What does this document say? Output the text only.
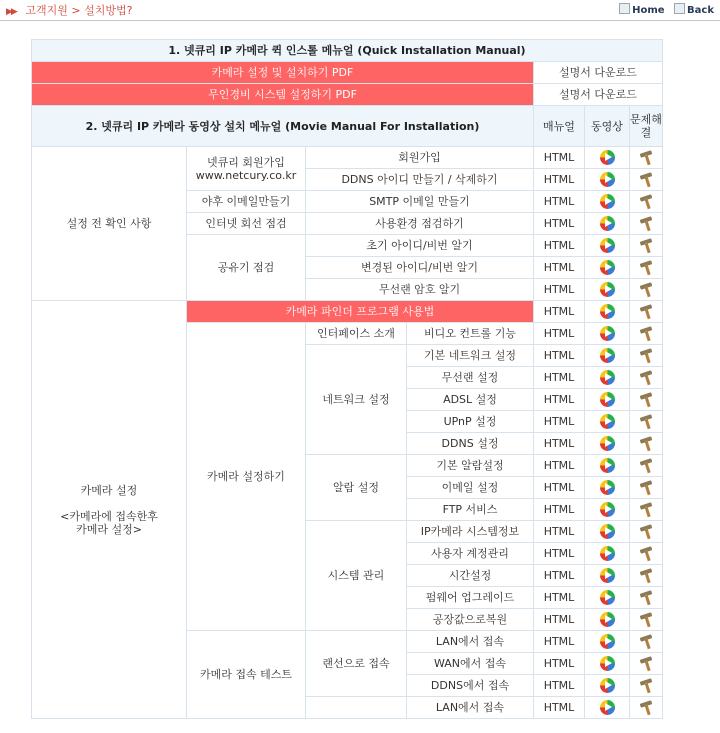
▶▶ 고객지원 > 설치방법?	Home Back
1. 넷큐리 IP 카메라 퀵 인스톨 메뉴얼 (Quick Installation Manual)						
카메라 설정 및 설치하기 PDF				설명서 다운로드		
무인경비 시스템 설정하기 PDF				설명서 다운로드		
2. 넷큐리 IP 카메라 동영상 설치 메뉴얼 (Movie Manual For Installation)				매뉴얼	동영상	문제해결
설정 전 확인 사항	넷큐리 회원가입
www.netcury.co.kr	회원가입		HTML		
		DDNS 아이디 만들기 / 삭제하기		HTML		
	야후 이메일만들기	SMTP 이메일 만들기		HTML		
	인터넷 회선 점검	사용환경 점검하기		HTML		
	공유기 점검	초기 아이디/비번 알기		HTML		
		변경된 아이디/비번 알기		HTML		
		무선랜 암호 알기		HTML		
카메라 설정

<카메라에 접속한후
카메라 설정>	카메라 파인더 프로그램 사용법			HTML		
	카메라 설정하기	인터페이스 소개	비디오 컨트롤 기능	HTML		
		네트워크 설정	기본 네트워크 설정	HTML		
			무선랜 설정	HTML		
			ADSL 설정	HTML		
			UPnP 설정	HTML		
			DDNS 설정	HTML		
		알람 설정	기본 알람설정	HTML		
			이메일 설정	HTML		
			FTP 서비스	HTML		
		시스템 관리	IP카메라 시스템정보	HTML		
			사용자 계정관리	HTML		
			시간설정	HTML		
			펌웨어 업그레이드	HTML		
			공장값으로복원	HTML		
	카메라 접속 테스트	랜선으로 접속	LAN에서 접속	HTML		
			WAN에서 접속	HTML		
			DDNS에서 접속	HTML		
			LAN에서 접속	HTML		
